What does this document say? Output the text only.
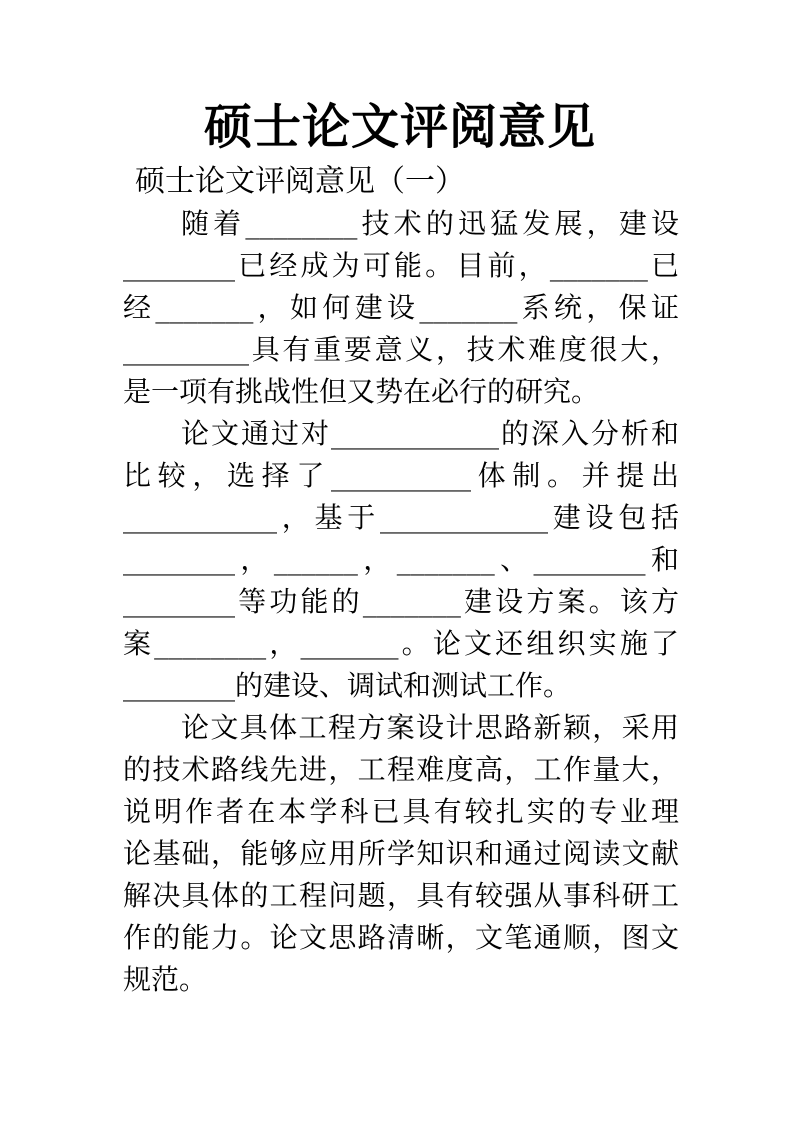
硕士论文评阅意见

硕士论文评阅意见（一）

随着________技术的迅猛发展，建设

________已经成为可能。目前，_______已

经_______，如何建设_______系统，保证

_________具有重要意义，技术难度很大，

是一项有挑战性但又势在必行的研究。

论文通过对____________的深入分析和

比较，选择了__________体制。并提出

___________，基于____________建设包括

________，______，_______、________和

________等功能的_______建设方案。该方

案________，_______。论文还组织实施了

________的建设、调试和测试工作。

论文具体工程方案设计思路新颖，采用

的技术路线先进，工程难度高，工作量大，

说明作者在本学科已具有较扎实的专业理

论基础，能够应用所学知识和通过阅读文献

解决具体的工程问题，具有较强从事科研工

作的能力。论文思路清晰，文笔通顺，图文

规范。
